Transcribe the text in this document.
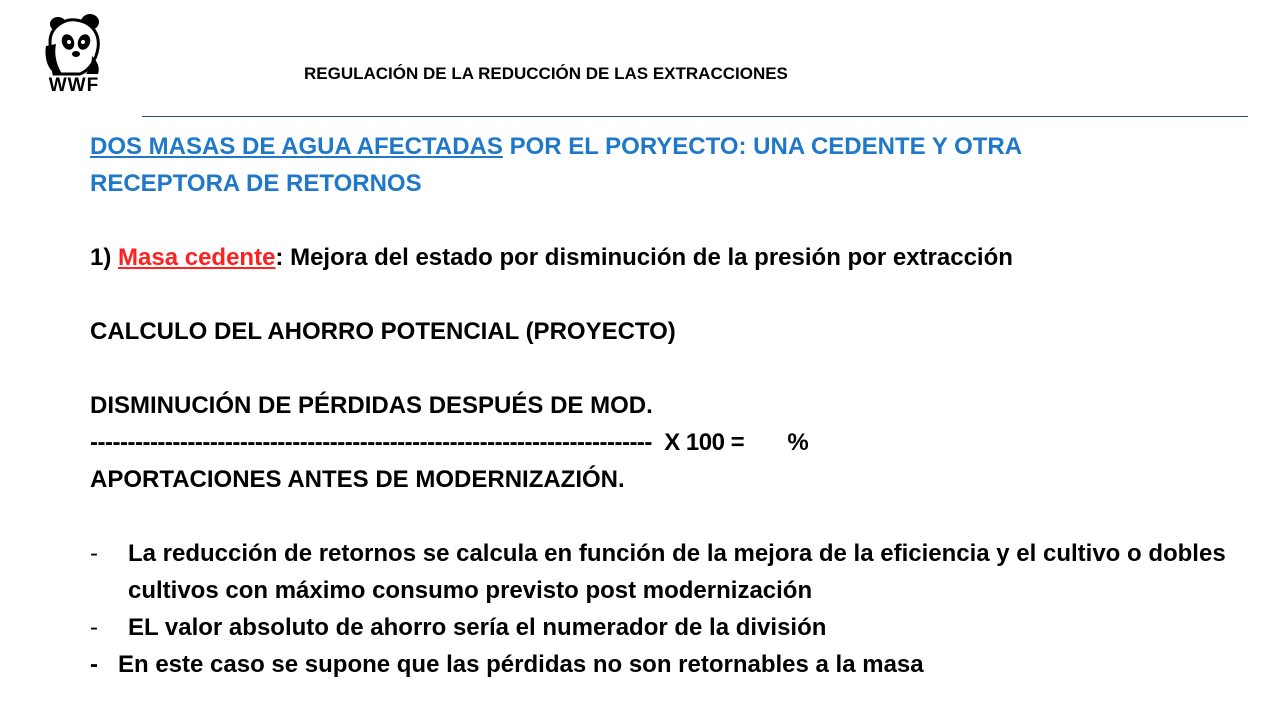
WWF
REGULACIÓN DE LA REDUCCIÓN DE LAS EXTRACCIONES
DOS MASAS DE AGUA AFECTADAS POR EL PORYECTO: UNA CEDENTE Y OTRA
RECEPTORA DE RETORNOS
1) Masa cedente: Mejora del estado por disminución de la presión por extracción
CALCULO DEL AHORRO POTENCIAL (PROYECTO)
DISMINUCIÓN DE PÉRDIDAS DESPUÉS DE MOD.
---------------------------------------------------------------------------  X 100 =       %
APORTACIONES ANTES DE MODERNIZAZIÓN.
-	La reducción de retornos se calcula en función de la mejora de la eficiencia y el cultivo o dobles cultivos con máximo consumo previsto post modernización
-	EL valor absoluto de ahorro sería el numerador de la división
-   En este caso se supone que las pérdidas no son retornables a la masa
